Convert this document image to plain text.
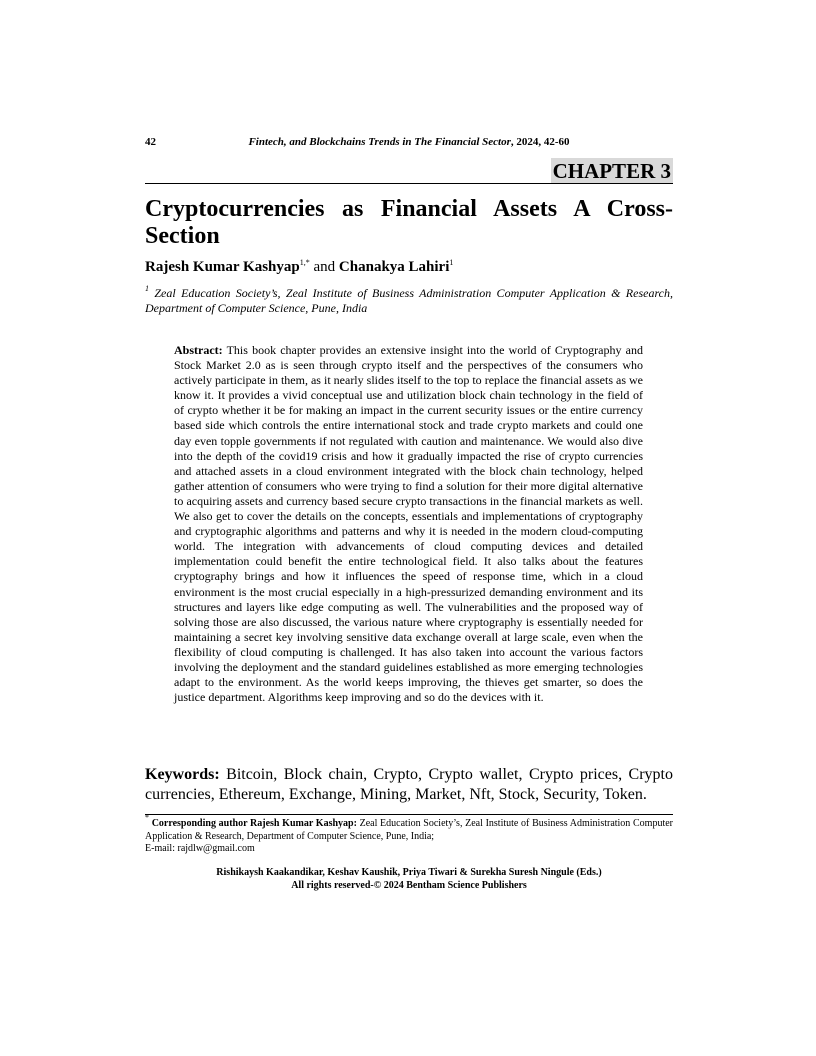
42	Fintech, and Blockchains Trends in The Financial Sector, 2024, 42-60
CHAPTER 3
Cryptocurrencies as Financial Assets A Cross-Section
Rajesh Kumar Kashyap$^{1,*}$ and Chanakya Lahiri$^1$
$^1$ Zeal Education Society’s, Zeal Institute of Business Administration Computer Application & Research, Department of Computer Science, Pune, India
Abstract: This book chapter provides an extensive insight into the world of Cryptography and Stock Market 2.0 as is seen through crypto itself and the perspectives of the consumers who actively participate in them, as it nearly slides itself to the top to replace the financial assets as we know it. It provides a vivid conceptual use and utilization block chain technology in the field of of crypto whether it be for making an impact in the current security issues or the entire currency based side which controls the entire international stock and trade crypto markets and could one day even topple governments if not regulated with caution and maintenance. We would also dive into the depth of the covid19 crisis and how it gradually impacted the rise of crypto currencies and attached assets in a cloud environment integrated with the block chain technology, helped gather attention of consumers who were trying to find a solution for their more digital alternative to acquiring assets and currency based secure crypto transactions in the financial markets as well. We also get to cover the details on the concepts, essentials and implementations of cryptography and cryptographic algorithms and patterns and why it is needed in the modern cloud-computing world. The integration with advancements of cloud computing devices and detailed implementation could benefit the entire technological field. It also talks about the features cryptography brings and how it influences the speed of response time, which in a cloud environment is the most crucial especially in a high-pressurized demanding environment and its structures and layers like edge computing as well. The vulnerabilities and the proposed way of solving those are also discussed, the various nature where cryptography is essentially needed for maintaining a secret key involving sensitive data exchange overall at large scale, even when the flexibility of cloud computing is challenged. It has also taken into account the various factors involving the deployment and the standard guidelines established as more emerging technologies adapt to the environment. As the world keeps improving, the thieves get smarter, so does the justice department. Algorithms keep improving and so do the devices with it.
Keywords: Bitcoin, Block chain, Crypto, Crypto wallet, Crypto prices, Crypto currencies, Ethereum, Exchange, Mining, Market, Nft, Stock, Security, Token.
* Corresponding author Rajesh Kumar Kashyap: Zeal Education Society’s, Zeal Institute of Business Administration Computer Application & Research, Department of Computer Science, Pune, India;
E-mail: rajdlw@gmail.com
Rishikaysh Kaakandikar, Keshav Kaushik, Priya Tiwari & Surekha Suresh Ningule (Eds.)
All rights reserved-© 2024 Bentham Science Publishers
